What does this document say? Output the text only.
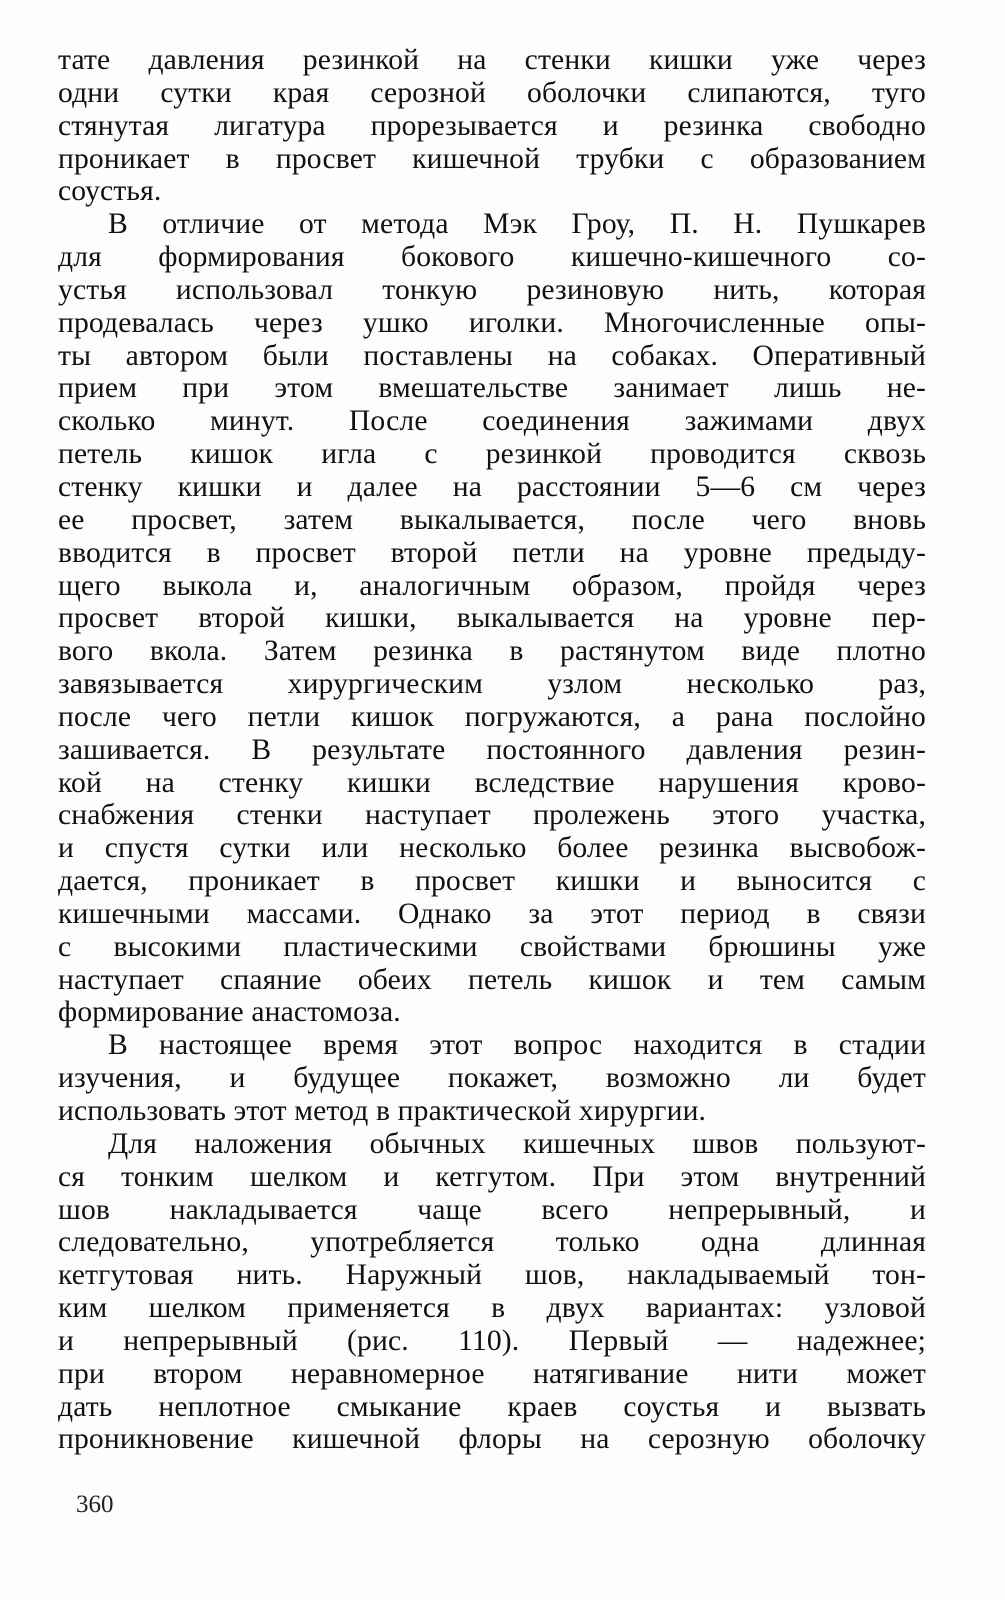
тате давления резинкой на стенки кишки уже через
одни сутки края серозной оболочки слипаются, туго
стянутая лигатура прорезывается и резинка свободно
проникает в просвет кишечной трубки с образованием
соустья.
В отличие от метода Мэк Гроу, П. Н. Пушкарев
для формирования бокового кишечно-кишечного со-
устья использовал тонкую резиновую нить, которая
продевалась через ушко иголки. Многочисленные опы-
ты автором были поставлены на собаках. Оперативный
прием при этом вмешательстве занимает лишь не-
сколько минут. После соединения зажимами двух
петель кишок игла с резинкой проводится сквозь
стенку кишки и далее на расстоянии 5—6 см через
ее просвет, затем выкалывается, после чего вновь
вводится в просвет второй петли на уровне предыду-
щего выкола и, аналогичным образом, пройдя через
просвет второй кишки, выкалывается на уровне пер-
вого вкола. Затем резинка в растянутом виде плотно
завязывается хирургическим узлом несколько раз,
после чего петли кишок погружаются, а рана послойно
зашивается. В результате постоянного давления резин-
кой на стенку кишки вследствие нарушения крово-
снабжения стенки наступает пролежень этого участка,
и спустя сутки или несколько более резинка высвобож-
дается, проникает в просвет кишки и выносится с
кишечными массами. Однако за этот период в связи
с высокими пластическими свойствами брюшины уже
наступает спаяние обеих петель кишок и тем самым
формирование анастомоза.
В настоящее время этот вопрос находится в стадии
изучения, и будущее покажет, возможно ли будет
использовать этот метод в практической хирургии.
Для наложения обычных кишечных швов пользуют-
ся тонким шелком и кетгутом. При этом внутренний
шов накладывается чаще всего непрерывный, и
следовательно, употребляется только одна длинная
кетгутовая нить. Наружный шов, накладываемый тон-
ким шелком применяется в двух вариантах: узловой
и непрерывный (рис. 110). Первый — надежнее;
при втором неравномерное натягивание нити может
дать неплотное смыкание краев соустья и вызвать
проникновение кишечной флоры на серозную оболочку
360
